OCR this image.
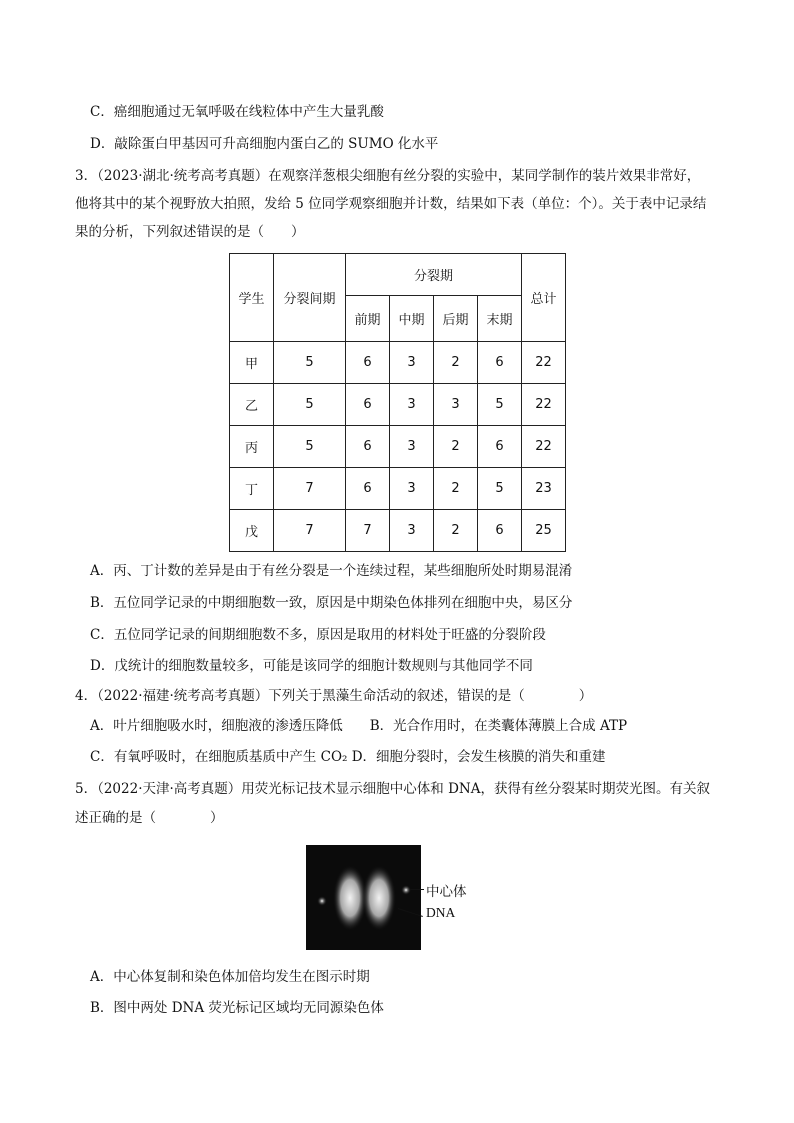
C．癌细胞通过无氧呼吸在线粒体中产生大量乳酸
D．敲除蛋白甲基因可升高细胞内蛋白乙的 SUMO 化水平
3．（2023·湖北·统考高考真题）在观察洋葱根尖细胞有丝分裂的实验中，某同学制作的装片效果非常好，
他将其中的某个视野放大拍照，发给 5 位同学观察细胞并计数，结果如下表（单位：个）。关于表中记录结
果的分析，下列叙述错误的是（　　）
学生	分裂间期	分裂期				总计
		前期	中期	后期	末期	
甲	5	6	3	2	6	22
乙	5	6	3	3	5	22
丙	5	6	3	2	6	22
丁	7	6	3	2	5	23
戊	7	7	3	2	6	25
A．丙、丁计数的差异是由于有丝分裂是一个连续过程，某些细胞所处时期易混淆
B．五位同学记录的中期细胞数一致，原因是中期染色体排列在细胞中央，易区分
C．五位同学记录的间期细胞数不多，原因是取用的材料处于旺盛的分裂阶段
D．戊统计的细胞数量较多，可能是该同学的细胞计数规则与其他同学不同
4．（2022·福建·统考高考真题）下列关于黑藻生命活动的叙述，错误的是（　　　　）
A．叶片细胞吸水时，细胞液的渗透压降低　　B．光合作用时，在类囊体薄膜上合成 ATP
C．有氧呼吸时，在细胞质基质中产生 CO₂ D．细胞分裂时，会发生核膜的消失和重建
5．（2022·天津·高考真题）用荧光标记技术显示细胞中心体和 DNA，获得有丝分裂某时期荧光图。有关叙
述正确的是（　　　　）
中心体
DNA
A．中心体复制和染色体加倍均发生在图示时期
B．图中两处 DNA 荧光标记区域均无同源染色体
